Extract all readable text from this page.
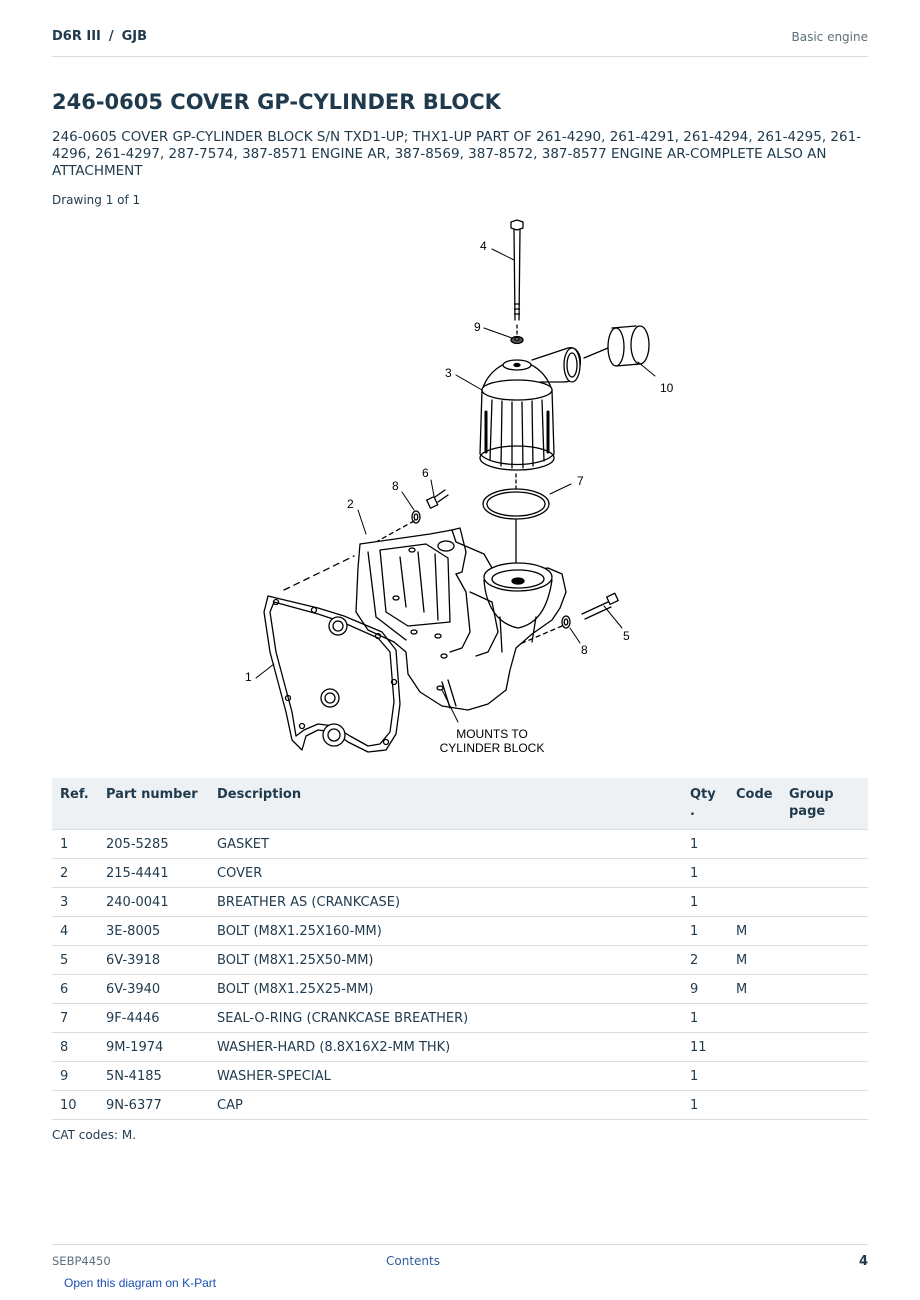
D6R III / GJB	Basic engine
246-0605 COVER GP-CYLINDER BLOCK
246-0605 COVER GP-CYLINDER BLOCK S/N TXD1-UP; THX1-UP PART OF 261-4290, 261-4291, 261-4294, 261-4295, 261-4296, 261-4297, 287-7574, 387-8571 ENGINE AR, 387-8569, 387-8572, 387-8577 ENGINE AR-COMPLETE ALSO AN ATTACHMENT
Drawing 1 of 1
4
9
3
10
6
8	7
2
5
8
1
MOUNTS TO
CYLINDER BLOCK
Ref.	Part number	Description	Qty .	Code	Group page
1	205-5285	GASKET	1		
2	215-4441	COVER	1		
3	240-0041	BREATHER AS (CRANKCASE)	1		
4	3E-8005	BOLT (M8X1.25X160-MM)	1	M	
5	6V-3918	BOLT (M8X1.25X50-MM)	2	M	
6	6V-3940	BOLT (M8X1.25X25-MM)	9	M	
7	9F-4446	SEAL-O-RING (CRANKCASE BREATHER)	1		
8	9M-1974	WASHER-HARD (8.8X16X2-MM THK)	11		
9	5N-4185	WASHER-SPECIAL	1		
10	9N-6377	CAP	1		
CAT codes: M.
SEBP4450	Contents	4
Open this diagram on K-Part
